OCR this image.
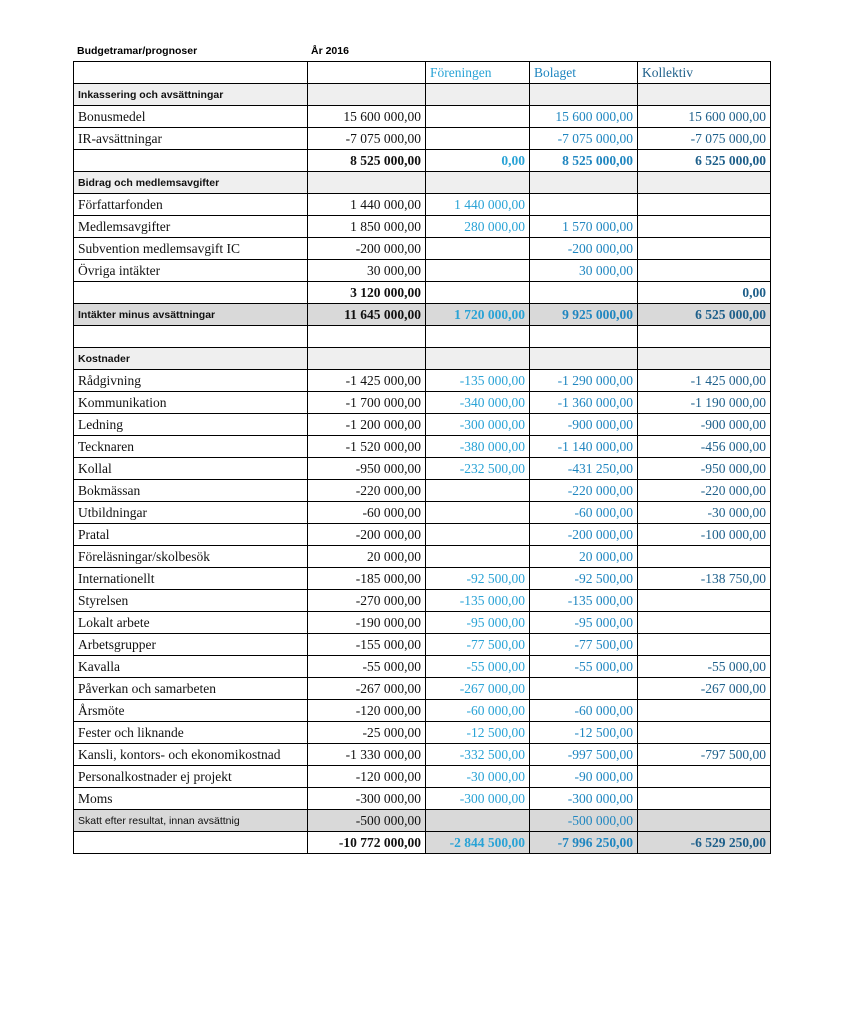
Budgetramar/prognoser	År 2016
		Föreningen	Bolaget	Kollektiv
Inkassering och avsättningar				
Bonusmedel	15 600 000,00		15 600 000,00	15 600 000,00
IR-avsättningar	-7 075 000,00		-7 075 000,00	-7 075 000,00
	8 525 000,00	0,00	8 525 000,00	6 525 000,00
Bidrag och medlemsavgifter				
Författarfonden	1 440 000,00	1 440 000,00		
Medlemsavgifter	1 850 000,00	280 000,00	1 570 000,00	
Subvention medlemsavgift IC	-200 000,00		-200 000,00	
Övriga intäkter	30 000,00		30 000,00	
	3 120 000,00			0,00
Intäkter minus avsättningar	11 645 000,00	1 720 000,00	9 925 000,00	6 525 000,00

Kostnader				
Rådgivning	-1 425 000,00	-135 000,00	-1 290 000,00	-1 425 000,00
Kommunikation	-1 700 000,00	-340 000,00	-1 360 000,00	-1 190 000,00
Ledning	-1 200 000,00	-300 000,00	-900 000,00	-900 000,00
Tecknaren	-1 520 000,00	-380 000,00	-1 140 000,00	-456 000,00
Kollal	-950 000,00	-232 500,00	-431 250,00	-950 000,00
Bokmässan	-220 000,00		-220 000,00	-220 000,00
Utbildningar	-60 000,00		-60 000,00	-30 000,00
Pratal	-200 000,00		-200 000,00	-100 000,00
Föreläsningar/skolbesök	20 000,00		20 000,00	
Internationellt	-185 000,00	-92 500,00	-92 500,00	-138 750,00
Styrelsen	-270 000,00	-135 000,00	-135 000,00	
Lokalt arbete	-190 000,00	-95 000,00	-95 000,00	
Arbetsgrupper	-155 000,00	-77 500,00	-77 500,00	
Kavalla	-55 000,00	-55 000,00	-55 000,00	-55 000,00
Påverkan och samarbeten	-267 000,00	-267 000,00		-267 000,00
Årsmöte	-120 000,00	-60 000,00	-60 000,00	
Fester och liknande	-25 000,00	-12 500,00	-12 500,00	
Kansli, kontors- och ekonomikostnad	-1 330 000,00	-332 500,00	-997 500,00	-797 500,00
Personalkostnader ej projekt	-120 000,00	-30 000,00	-90 000,00	
Moms	-300 000,00	-300 000,00	-300 000,00	
Skatt efter resultat, innan avsättnig	-500 000,00		-500 000,00	
	-10 772 000,00	-2 844 500,00	-7 996 250,00	-6 529 250,00
